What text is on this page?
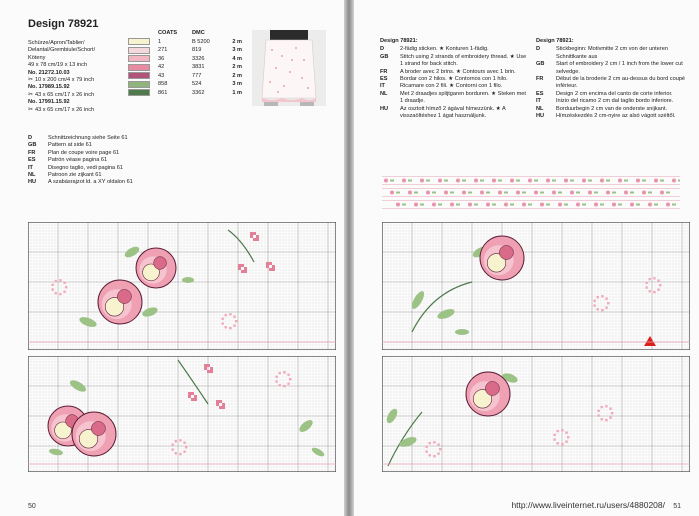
Design 78921
Schürze/Apron/Tablier/
Delantal/Grembiule/Schort/
Köteny
49 x 78 cm/19 x 13 inch
No. 21272.10.03
✂ 10 x 200 cm/4 x 79 inch
No. 17989.15.92
✂ 43 x 65 cm/17 x 26 inch
No. 17991.15.92
✂ 43 x 65 cm/17 x 26 inch
COATS	DMC
1	B 5200	2 m
271	819	3 m
36	3326	4 m
42	3831	2 m
43	777	2 m
858	524	3 m
861	3362	1 m
D	Schnittzeichnung siehe Seite 61
GB	Pattern at side 61
FR	Plan de coupe voire page 61
ES	Patrón véase pagina 61
IT	Disegno taglio, vedi pagina 61
NL	Patroon zie zijkant 61
HU	A szabásrajzot ld. a XY oldalon 61
50
Design 78921:
D	2-fädig sticken. ★ Konturen 1-fädig.
GB	Stitch using 2 strands of embroidery thread. ★ Use 1 strand for back stitch.
FR	A broder avec 2 brins. ★ Contours avec 1 brin.
ES	Bordar con 2 hilos. ★ Contornos con 1 hilo.
IT	Ricamare con 2 fili. ★ Contorni con 1 filo.
NL	Met 2 draadjes splijtgaren borduren. ★ Steken met 1 draadje.
HU	Az osztott hímző 2 ágával hímezzünk. ★ A visszaöltéshez 1 ágat használjunk.
Design 78921:
D	Stickbeginn: Motivmitte 2 cm von der unteren Schnittkante aus
GB	Start of embroidery 2 cm / 1 inch from the lower cut selvedge.
FR	Début de la broderie 2 cm au-dessus du bord coupé inférieur.
ES	Design 2 cm encima del canto de corte inferior.
IT	Inizio del ricamo 2 cm dal taglio bordo inferiore.
NL	Borduurbegin 2 cm van de onderste snijkant.
HU	Hímzéskezdés 2 cm-nyire az alsó vágott széltől.
51
http://www.liveinternet.ru/users/4880208/
